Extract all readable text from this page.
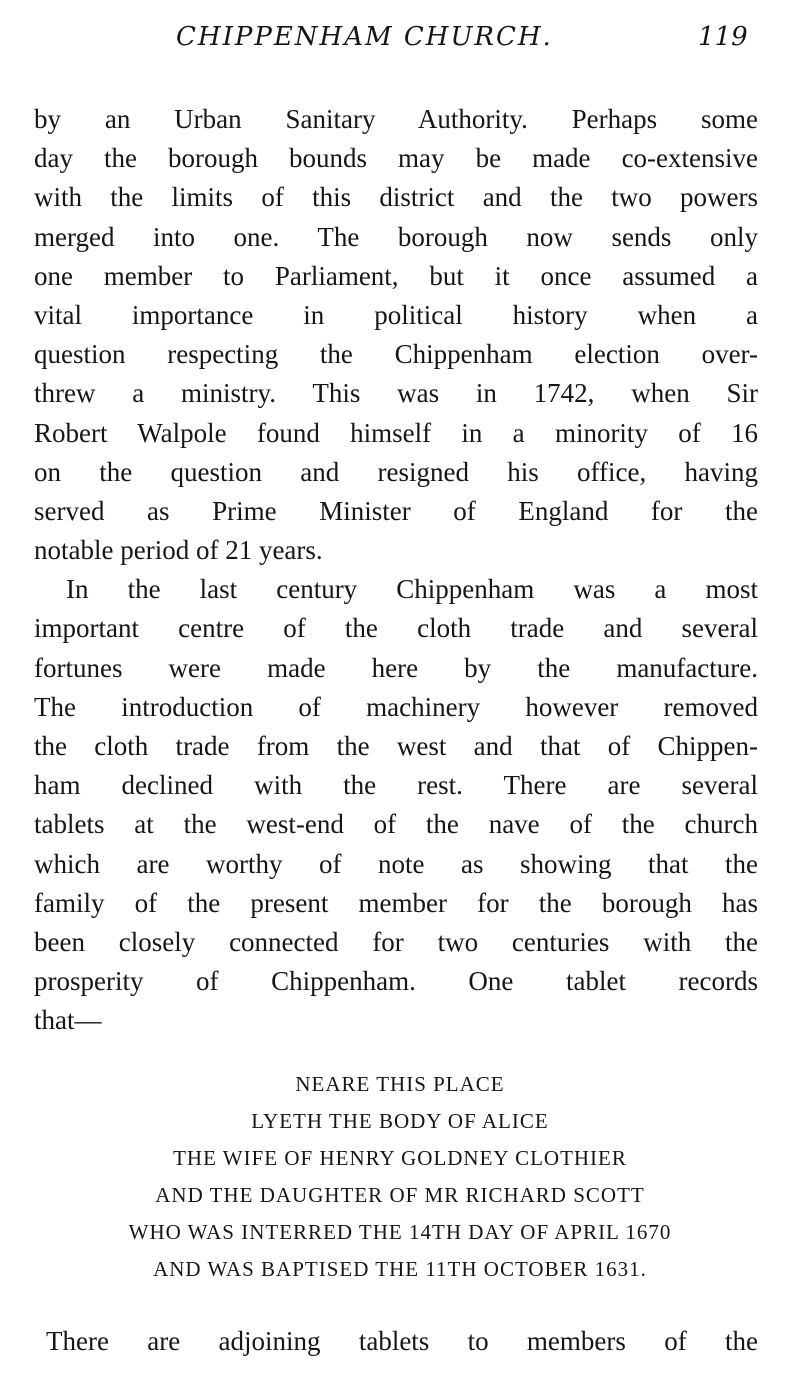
CHIPPENHAM CHURCH.	119
by an Urban Sanitary Authority. Perhaps some
day the borough bounds may be made co-extensive
with the limits of this district and the two powers
merged into one. The borough now sends only
one member to Parliament, but it once assumed a
vital importance in political history when a
question respecting the Chippenham election over-
threw a ministry. This was in 1742, when Sir
Robert Walpole found himself in a minority of 16
on the question and resigned his office, having
served as Prime Minister of England for the
notable period of 21 years.
In the last century Chippenham was a most
important centre of the cloth trade and several
fortunes were made here by the manufacture.
The introduction of machinery however removed
the cloth trade from the west and that of Chippen-
ham declined with the rest. There are several
tablets at the west-end of the nave of the church
which are worthy of note as showing that the
family of the present member for the borough has
been closely connected for two centuries with the
prosperity of Chippenham. One tablet records
that—
NEARE THIS PLACE
LYETH THE BODY OF ALICE
THE WIFE OF HENRY GOLDNEY CLOTHIER
AND THE DAUGHTER OF MR RICHARD SCOTT
WHO WAS INTERRED THE 14TH DAY OF APRIL 1670
AND WAS BAPTISED THE 11TH OCTOBER 1631.
There are adjoining tablets to members of the
